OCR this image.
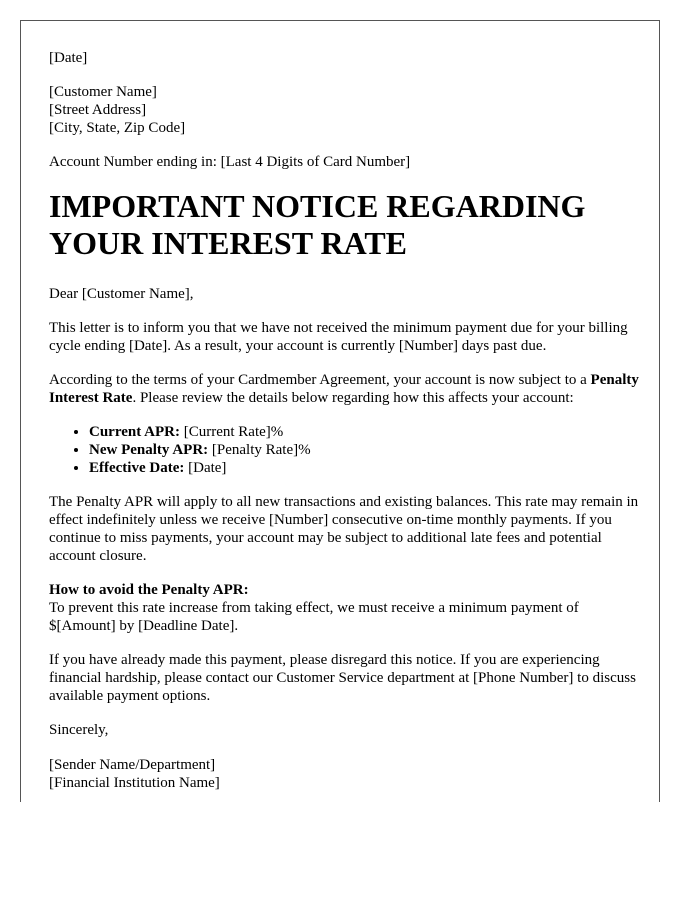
[Date]

[Customer Name]

[Street Address]

[City, State, Zip Code]

Account Number ending in: [Last 4 Digits of Card Number]

IMPORTANT NOTICE REGARDING
YOUR INTEREST RATE

Dear [Customer Name],

This letter is to inform you that we have not received the minimum payment due for your billing cycle ending [Date]. As a result, your account is currently [Number] days past due.

According to the terms of your Cardmember Agreement, your account is now subject to a Penalty Interest Rate. Please review the details below regarding how this affects your account:

• Current APR: [Current Rate]%
• New Penalty APR: [Penalty Rate]%
• Effective Date: [Date]

The Penalty APR will apply to all new transactions and existing balances. This rate may remain in effect indefinitely unless we receive [Number] consecutive on-time monthly payments. If you continue to miss payments, your account may be subject to additional late fees and potential account closure.

How to avoid the Penalty APR:

To prevent this rate increase from taking effect, we must receive a minimum payment of $[Amount] by [Deadline Date].

If you have already made this payment, please disregard this notice. If you are experiencing financial hardship, please contact our Customer Service department at [Phone Number] to discuss available payment options.

Sincerely,

[Sender Name/Department]

[Financial Institution Name]
